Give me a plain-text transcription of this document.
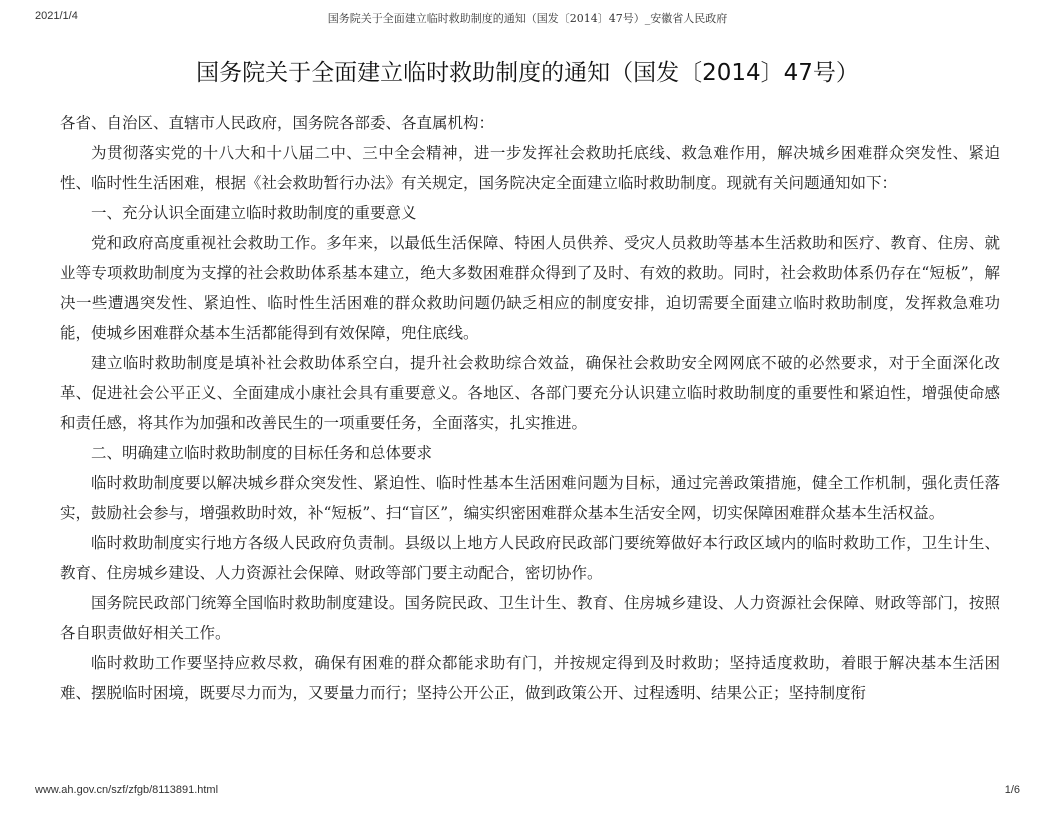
2021/1/4	国务院关于全面建立临时救助制度的通知（国发〔2014〕47号）_安徽省人民政府
国务院关于全面建立临时救助制度的通知（国发〔2014〕47号）

各省、自治区、直辖市人民政府，国务院各部委、各直属机构：

为贯彻落实党的十八大和十八届二中、三中全会精神，进一步发挥社会救助托底线、救急难作用，解决城乡困难群众突发性、紧迫性、临时性生活困难，根据《社会救助暂行办法》有关规定，国务院决定全面建立临时救助制度。现就有关问题通知如下：

一、充分认识全面建立临时救助制度的重要意义

党和政府高度重视社会救助工作。多年来，以最低生活保障、特困人员供养、受灾人员救助等基本生活救助和医疗、教育、住房、就业等专项救助制度为支撑的社会救助体系基本建立，绝大多数困难群众得到了及时、有效的救助。同时，社会救助体系仍存在“短板”，解决一些遭遇突发性、紧迫性、临时性生活困难的群众救助问题仍缺乏相应的制度安排，迫切需要全面建立临时救助制度，发挥救急难功能，使城乡困难群众基本生活都能得到有效保障，兜住底线。

建立临时救助制度是填补社会救助体系空白，提升社会救助综合效益，确保社会救助安全网网底不破的必然要求，对于全面深化改革、促进社会公平正义、全面建成小康社会具有重要意义。各地区、各部门要充分认识建立临时救助制度的重要性和紧迫性，增强使命感和责任感，将其作为加强和改善民生的一项重要任务，全面落实，扎实推进。

二、明确建立临时救助制度的目标任务和总体要求

临时救助制度要以解决城乡群众突发性、紧迫性、临时性基本生活困难问题为目标，通过完善政策措施，健全工作机制，强化责任落实，鼓励社会参与，增强救助时效，补“短板”、扫“盲区”，编实织密困难群众基本生活安全网，切实保障困难群众基本生活权益。

临时救助制度实行地方各级人民政府负责制。县级以上地方人民政府民政部门要统筹做好本行政区域内的临时救助工作，卫生计生、教育、住房城乡建设、人力资源社会保障、财政等部门要主动配合，密切协作。

国务院民政部门统筹全国临时救助制度建设。国务院民政、卫生计生、教育、住房城乡建设、人力资源社会保障、财政等部门，按照各自职责做好相关工作。

临时救助工作要坚持应救尽救，确保有困难的群众都能求助有门，并按规定得到及时救助；坚持适度救助，着眼于解决基本生活困难、摆脱临时困境，既要尽力而为，又要量力而行；坚持公开公正，做到政策公开、过程透明、结果公正；坚持制度衔

www.ah.gov.cn/szf/zfgb/8113891.html	1/6
